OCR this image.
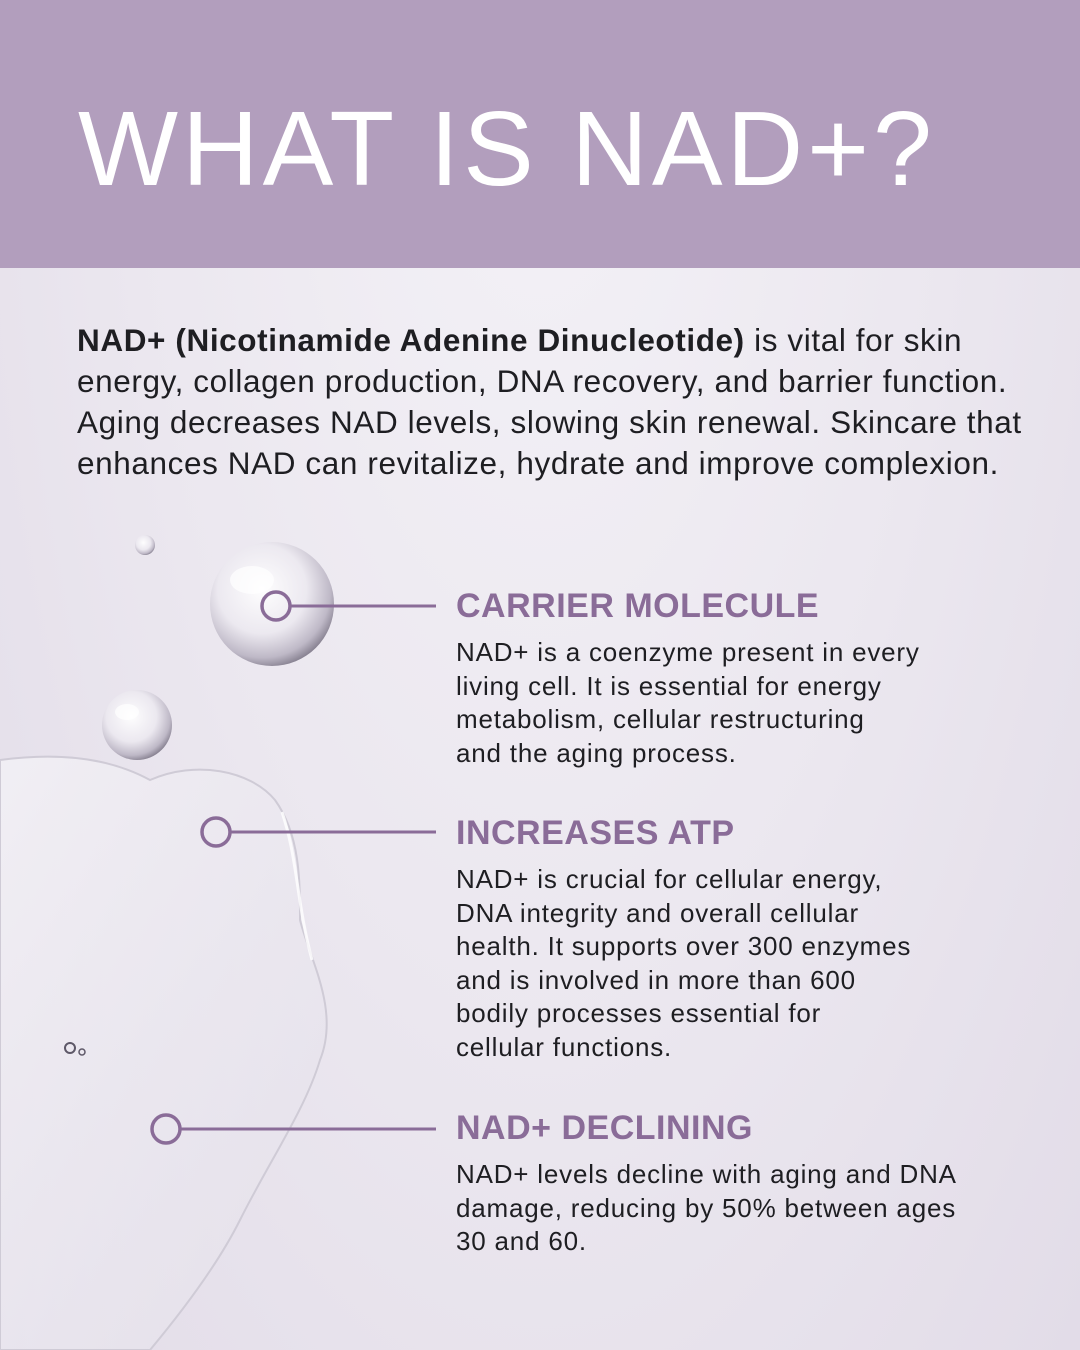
WHAT IS NAD+?

NAD+ (Nicotinamide Adenine Dinucleotide) is vital for skin energy, collagen production, DNA recovery, and barrier function. Aging decreases NAD levels, slowing skin renewal. Skincare that enhances NAD can revitalize, hydrate and improve complexion.

CARRIER MOLECULE

NAD+ is a coenzyme present in every
living cell. It is essential for energy
metabolism, cellular restructuring
and the aging process.

INCREASES ATP

NAD+ is crucial for cellular energy,
DNA integrity and overall cellular
health. It supports over 300 enzymes
and is involved in more than 600
bodily processes essential for
cellular functions.

NAD+ DECLINING

NAD+ levels decline with aging and DNA
damage, reducing by 50% between ages
30 and 60.
